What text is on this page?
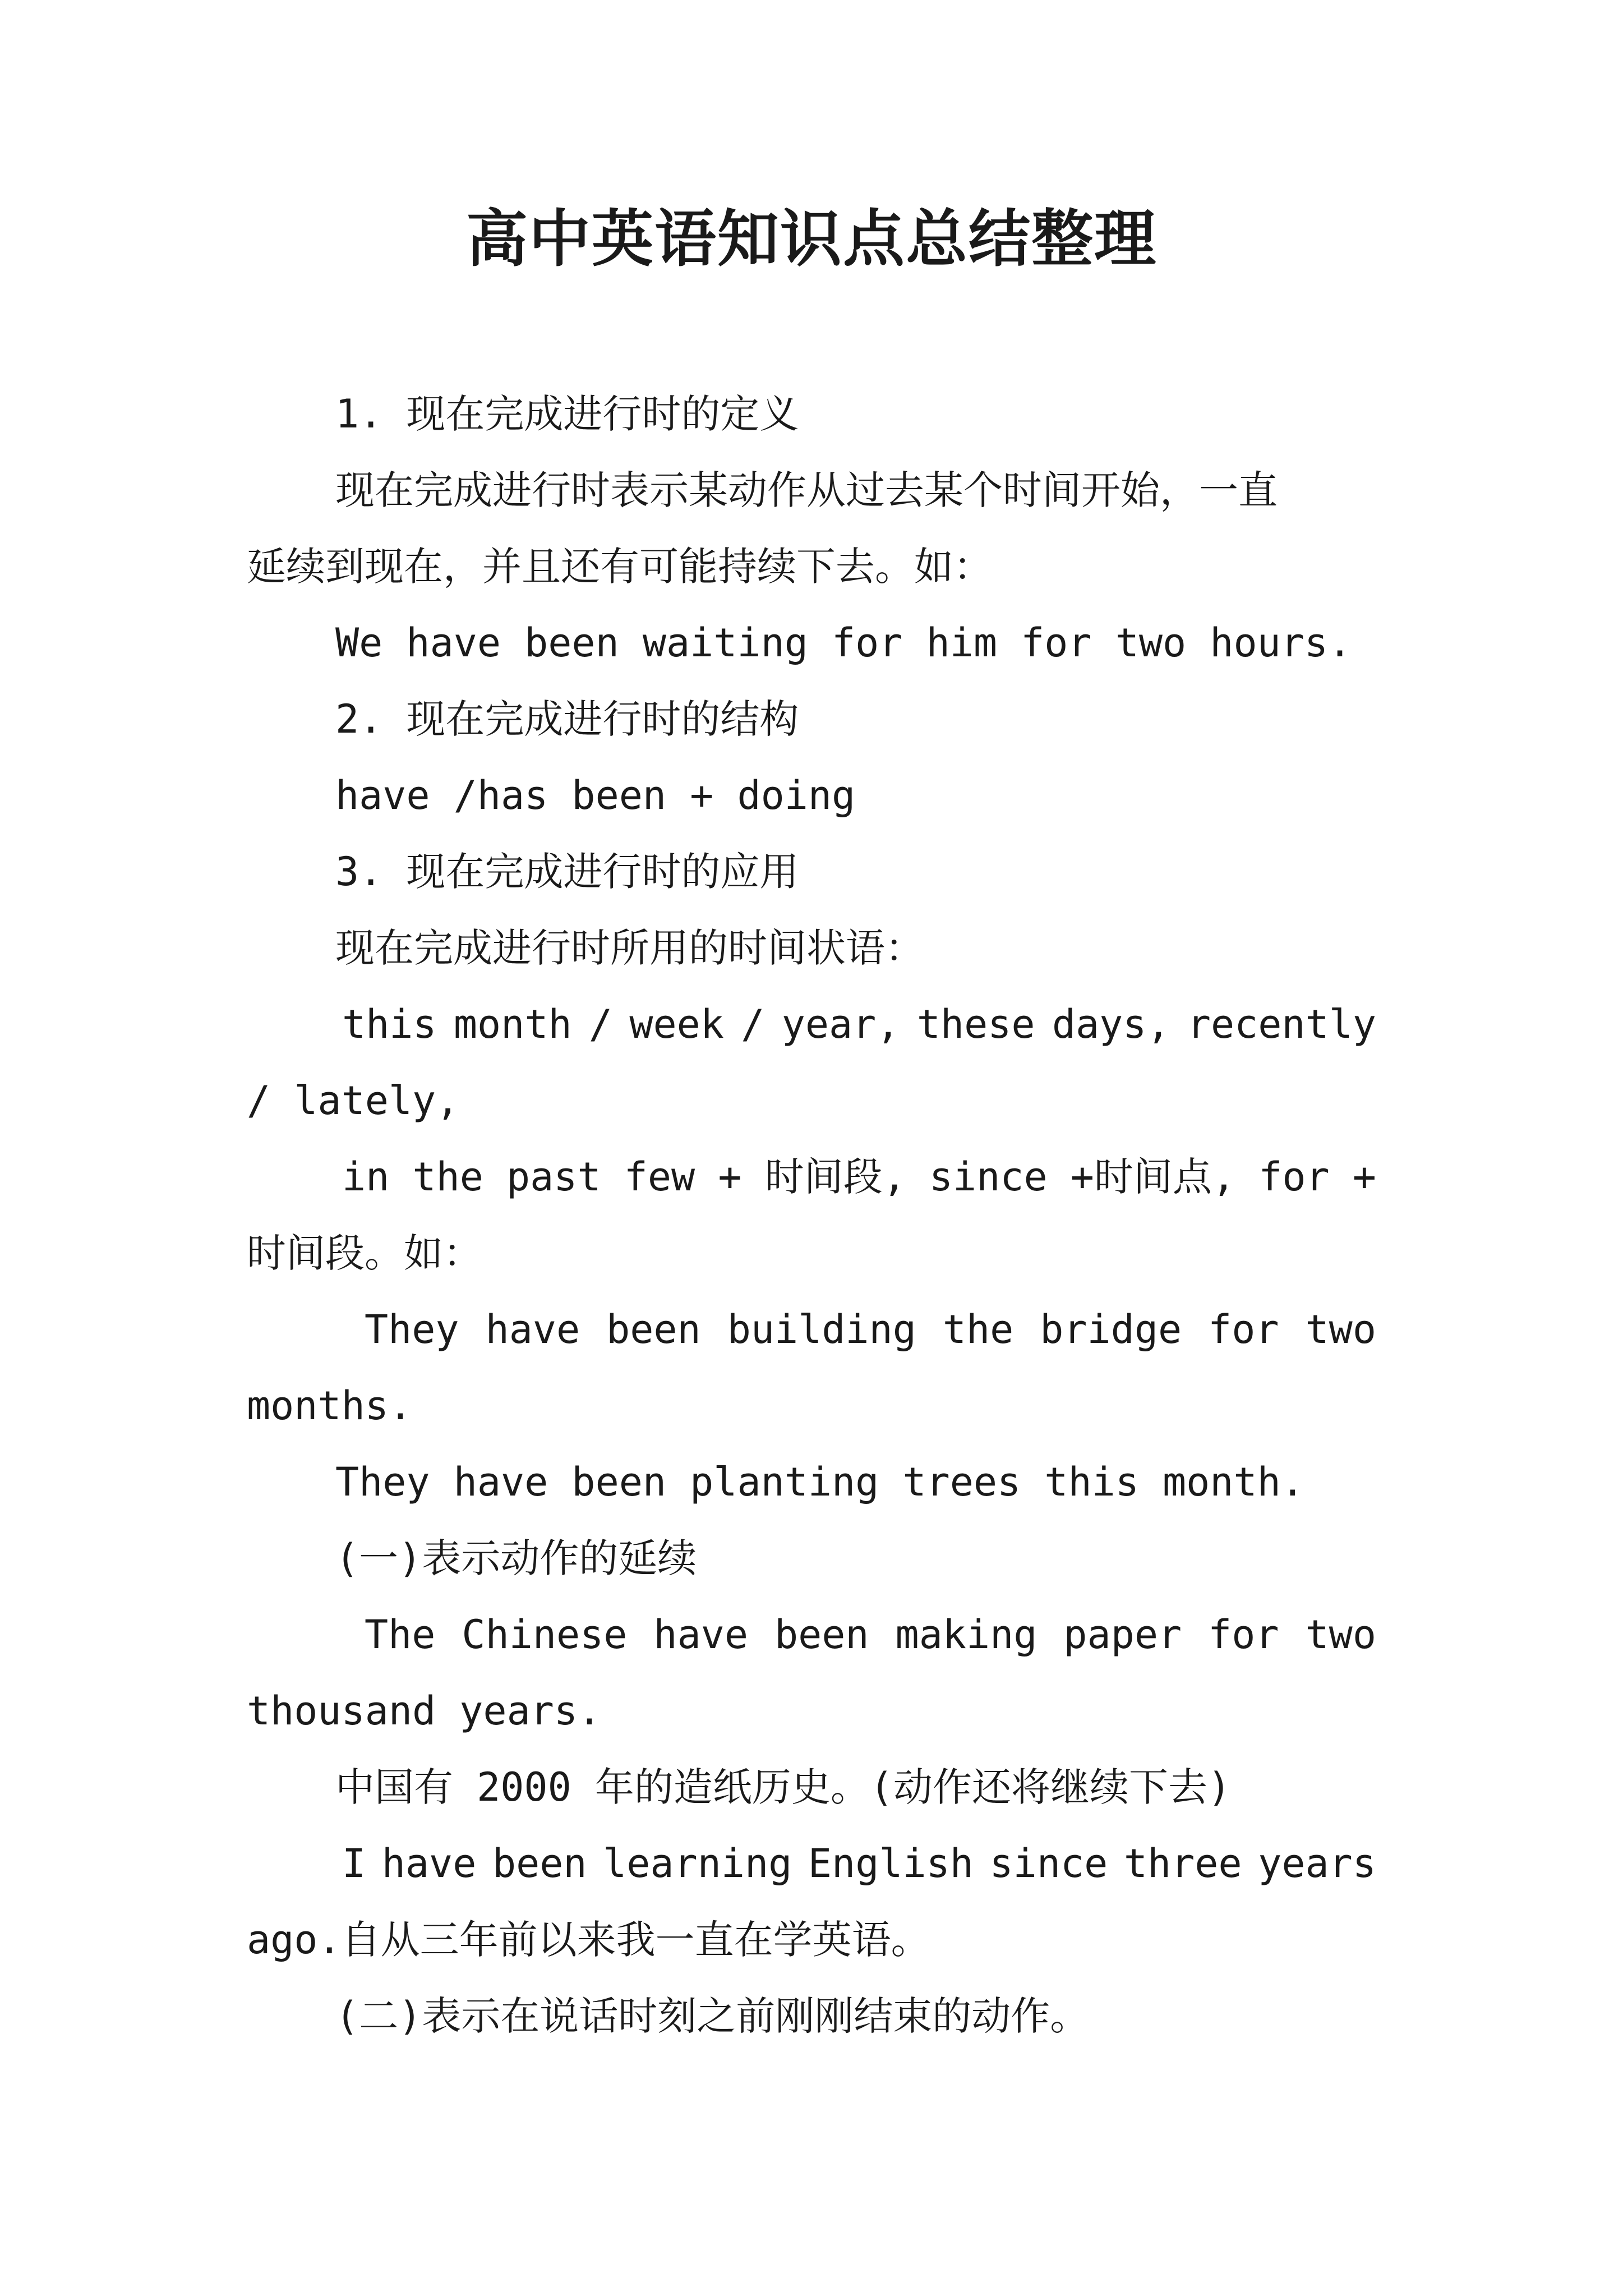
高中英语知识点总结整理

1. 现在完成进行时的定义

现在完成进行时表示某动作从过去某个时间开始，一直

延续到现在，并且还有可能持续下去。如：

We have been waiting for him for two hours.

2. 现在完成进行时的结构

have /has been + doing

3. 现在完成进行时的应用

现在完成进行时所用的时间状语：

this month / week / year, these days, recently

/ lately,

in the past few + 时间段, since +时间点, for +

时间段。如：

They have been building the bridge for two

months.

They have been planting trees this month.

(一)表示动作的延续

The Chinese have been making paper for two

thousand years.

中国有 2000 年的造纸历史。(动作还将继续下去)

I have been learning English since three years

ago.自从三年前以来我一直在学英语。

(二)表示在说话时刻之前刚刚结束的动作。
